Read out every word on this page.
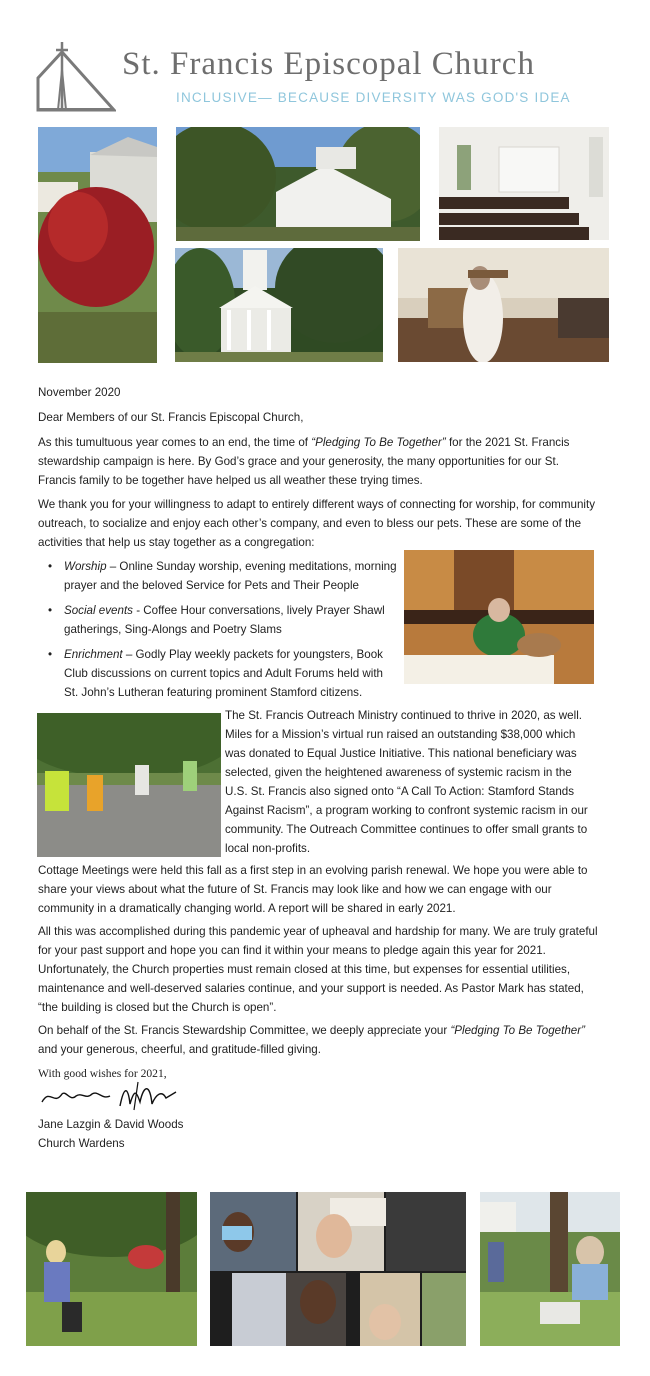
St. Francis Episcopal Church
INCLUSIVE— BECAUSE DIVERSITY WAS GOD'S IDEA

November 2020

Dear Members of our St. Francis Episcopal Church,

As this tumultuous year comes to an end, the time of “Pledging To Be Together” for the 2021 St. Francis stewardship campaign is here. By God’s grace and your generosity, the many opportunities for our St. Francis family to be together have helped us all weather these trying times.

We thank you for your willingness to adapt to entirely different ways of connecting for worship, for community outreach, to socialize and enjoy each other’s company, and even to bless our pets. These are some of the activities that help us stay together as a congregation:

• Worship – Online Sunday worship, evening meditations, morning prayer and the beloved Service for Pets and Their People
• Social events - Coffee Hour conversations, lively Prayer Shawl gatherings, Sing-Alongs and Poetry Slams
• Enrichment – Godly Play weekly packets for youngsters, Book Club discussions on current topics and Adult Forums held with St. John’s Lutheran featuring prominent Stamford citizens.

The St. Francis Outreach Ministry continued to thrive in 2020, as well. Miles for a Mission’s virtual run raised an outstanding $38,000 which was donated to Equal Justice Initiative. This national beneficiary was selected, given the heightened awareness of systemic racism in the U.S. St. Francis also signed onto “A Call To Action: Stamford Stands Against Racism”, a program working to confront systemic racism in our community. The Outreach Committee continues to offer small grants to local non-profits.

Cottage Meetings were held this fall as a first step in an evolving parish renewal. We hope you were able to share your views about what the future of St. Francis may look like and how we can engage with our community in a dramatically changing world. A report will be shared in early 2021.

All this was accomplished during this pandemic year of upheaval and hardship for many. We are truly grateful for your past support and hope you can find it within your means to pledge again this year for 2021. Unfortunately, the Church properties must remain closed at this time, but expenses for essential utilities, maintenance and well-deserved salaries continue, and your support is needed. As Pastor Mark has stated, “the building is closed but the Church is open”.

On behalf of the St. Francis Stewardship Committee, we deeply appreciate your “Pledging To Be Together” and your generous, cheerful, and gratitude-filled giving.

With good wishes for 2021,

Jane Lazgin & David Woods

Church Wardens
